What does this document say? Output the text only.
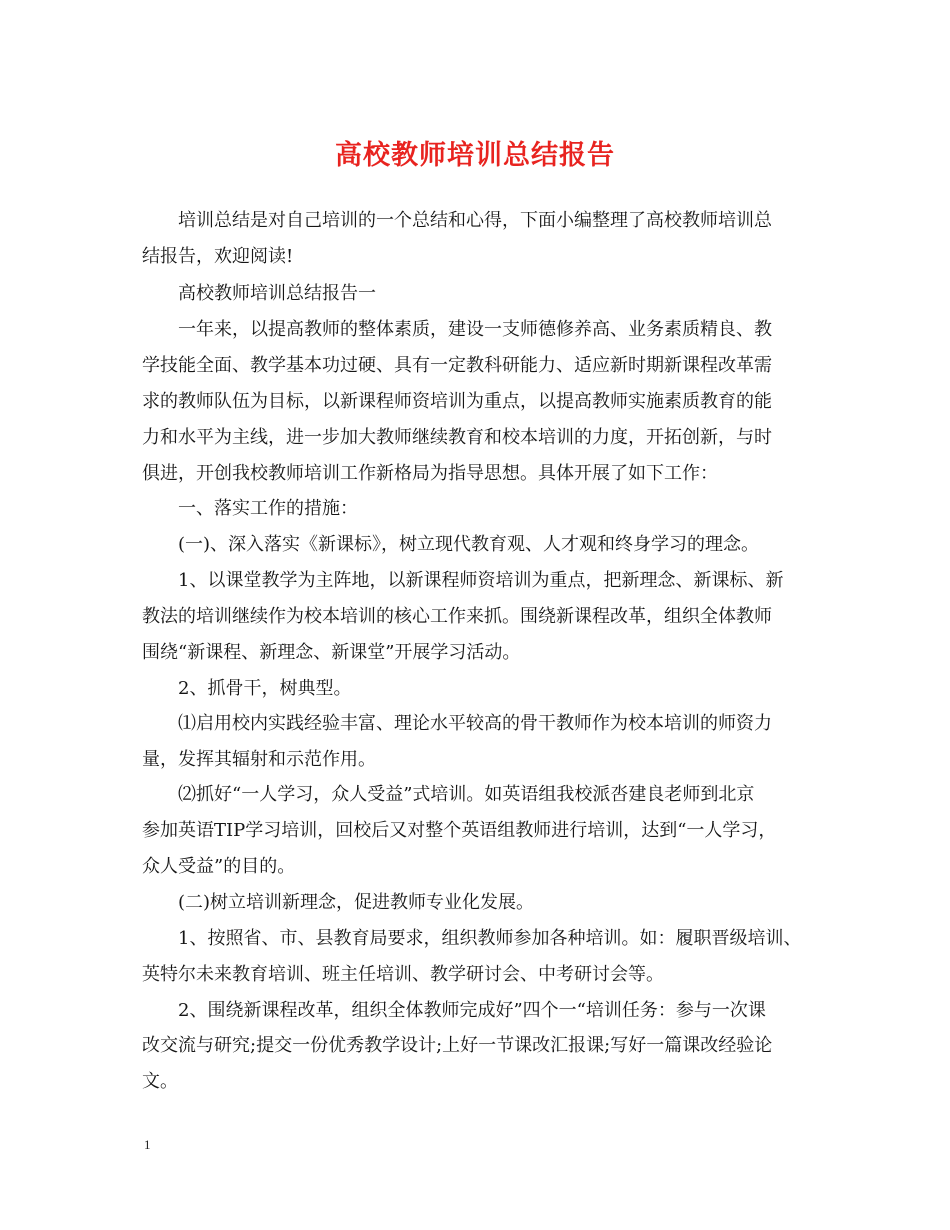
高校教师培训总结报告
培训总结是对自己培训的一个总结和心得，下面小编整理了高校教师培训总
结报告，欢迎阅读!
高校教师培训总结报告一
一年来，以提高教师的整体素质，建设一支师德修养高、业务素质精良、教
学技能全面、教学基本功过硬、具有一定教科研能力、适应新时期新课程改革需
求的教师队伍为目标，以新课程师资培训为重点，以提高教师实施素质教育的能
力和水平为主线，进一步加大教师继续教育和校本培训的力度，开拓创新，与时
俱进，开创我校教师培训工作新格局为指导思想。具体开展了如下工作：
一、落实工作的措施：
(一)、深入落实《新课标》，树立现代教育观、人才观和终身学习的理念。
1、以课堂教学为主阵地，以新课程师资培训为重点，把新理念、新课标、新
教法的培训继续作为校本培训的核心工作来抓。围绕新课程改革，组织全体教师
围绕“新课程、新理念、新课堂”开展学习活动。
2、抓骨干，树典型。
⑴启用校内实践经验丰富、理论水平较高的骨干教师作为校本培训的师资力
量，发挥其辐射和示范作用。
⑵抓好“一人学习，众人受益”式培训。如英语组我校派呇建良老师到北京
参加英语TIP学习培训，回校后又对整个英语组教师进行培训，达到“一人学习，
众人受益”的目的。
(二)树立培训新理念，促进教师专业化发展。
1、按照省、市、县教育局要求，组织教师参加各种培训。如：履职晋级培训、
英特尔未来教育培训、班主任培训、教学研讨会、中考研讨会等。
2、围绕新课程改革，组织全体教师完成好”四个一“培训任务：参与一次课
改交流与研究;提交一份优秀教学设计;上好一节课改汇报课;写好一篇课改经验论
文。
1
